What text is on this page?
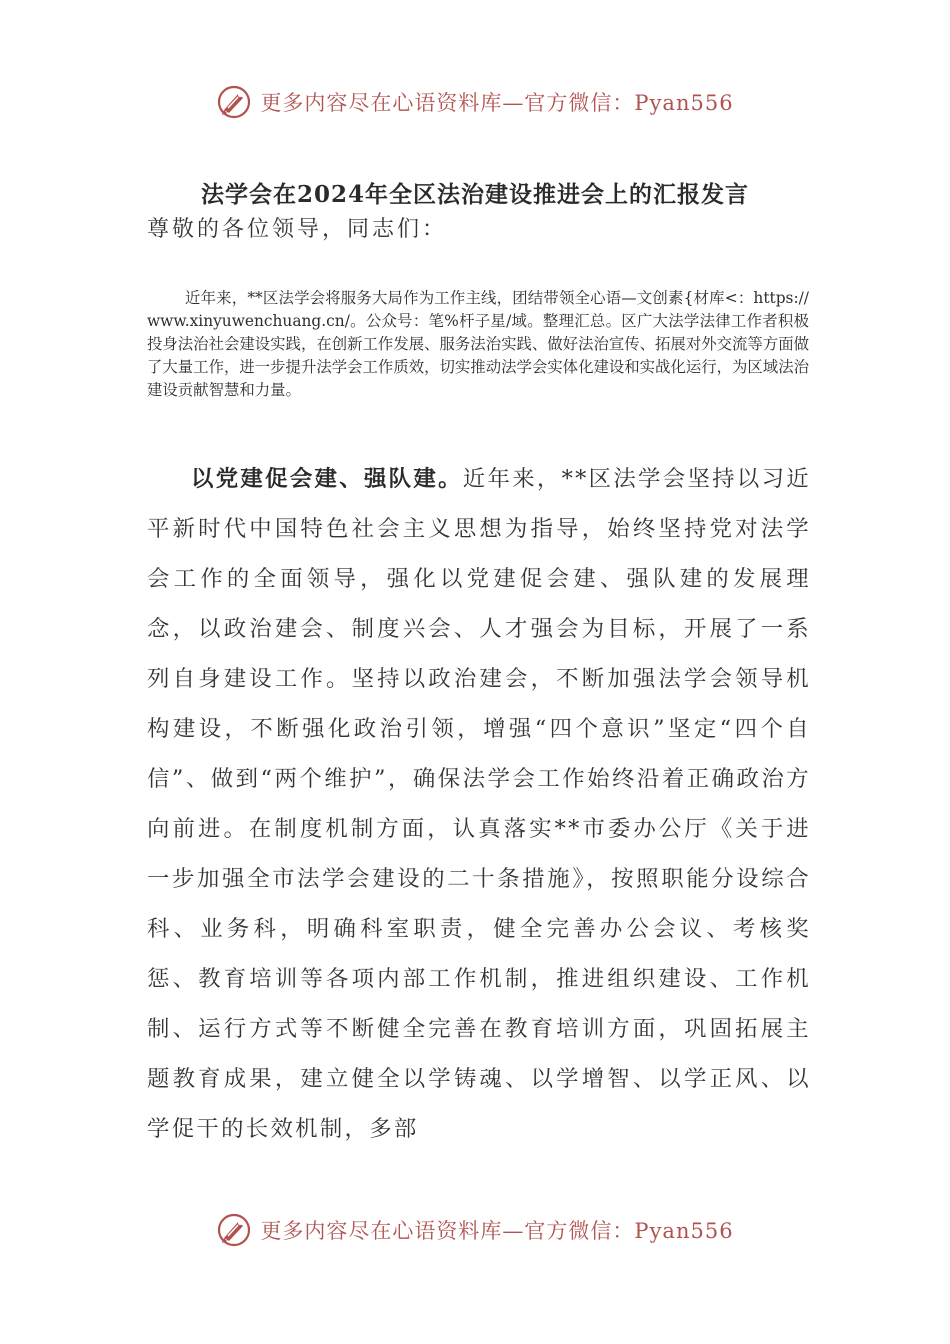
更多内容尽在心语资料库—官方微信：Pyan556
法学会在2024年全区法治建设推进会上的汇报发言
尊敬的各位领导，同志们：
近年来，**区法学会将服务大局作为工作主线，团结带领全心语—文创素{材库<：https://www.xinyuwenchuang.cn/。公众号：笔%杆子星/域。整理汇总。区广大法学法律工作者积极投身法治社会建设实践，在创新工作发展、服务法治实践、做好法治宣传、拓展对外交流等方面做了大量工作，进一步提升法学会工作质效，切实推动法学会实体化建设和实战化运行，为区域法治建设贡献智慧和力量。
以党建促会建、强队建。近年来，**区法学会坚持以习近平新时代中国特色社会主义思想为指导，始终坚持党对法学会工作的全面领导，强化以党建促会建、强队建的发展理念，以政治建会、制度兴会、人才强会为目标，开展了一系列自身建设工作。坚持以政治建会，不断加强法学会领导机构建设，不断强化政治引领，增强“四个意识”坚定“四个自信”、做到“两个维护”，确保法学会工作始终沿着正确政治方向前进。在制度机制方面，认真落实**市委办公厅《关于进一步加强全市法学会建设的二十条措施》，按照职能分设综合科、业务科，明确科室职责，健全完善办公会议、考核奖惩、教育培训等各项内部工作机制，推进组织建设、工作机制、运行方式等不断健全完善在教育培训方面，巩固拓展主题教育成果，建立健全以学铸魂、以学增智、以学正风、以学促干的长效机制，多部
更多内容尽在心语资料库—官方微信：Pyan556
